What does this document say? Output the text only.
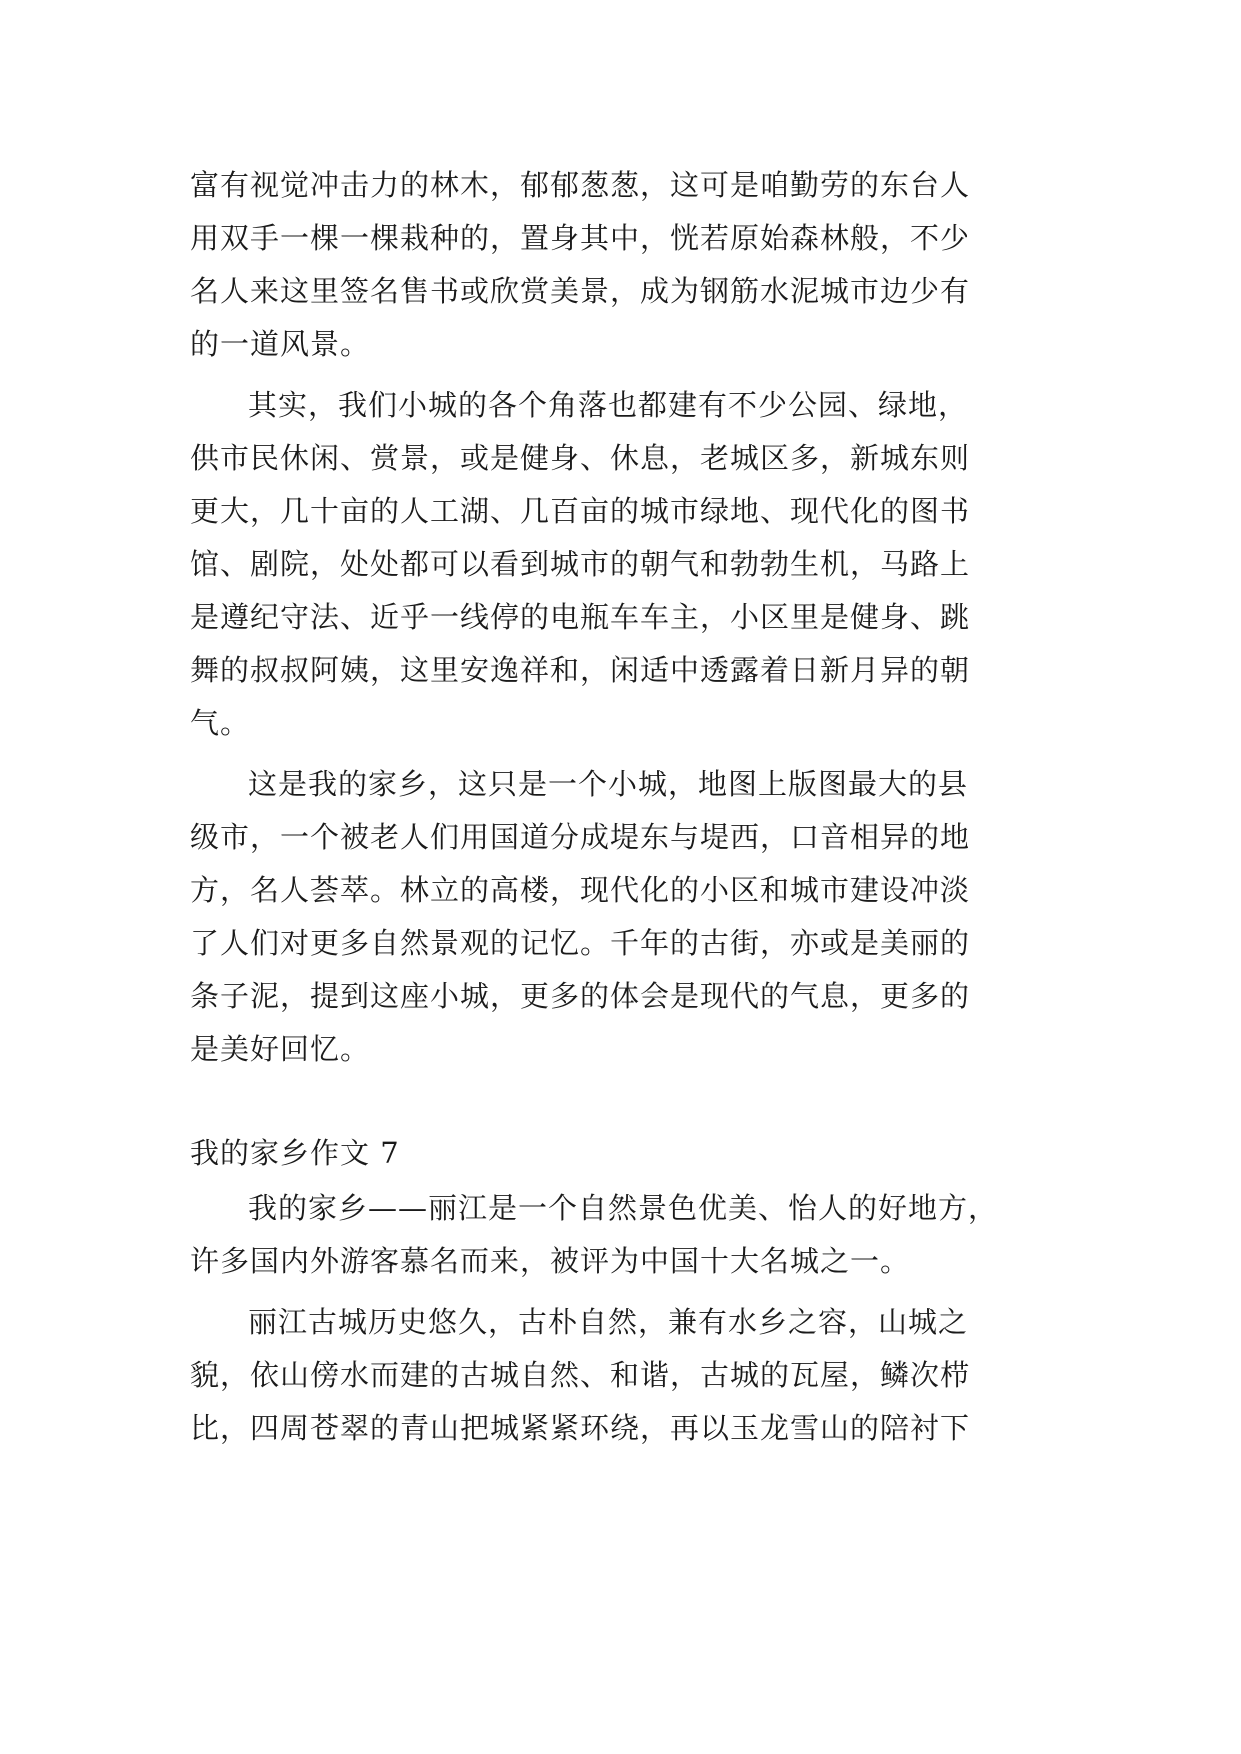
富有视觉冲击力的林木，郁郁葱葱，这可是咱勤劳的东台人

用双手一棵一棵栽种的，置身其中，恍若原始森林般，不少

名人来这里签名售书或欣赏美景，成为钢筋水泥城市边少有

的一道风景。

其实，我们小城的各个角落也都建有不少公园、绿地，

供市民休闲、赏景，或是健身、休息，老城区多，新城东则

更大，几十亩的人工湖、几百亩的城市绿地、现代化的图书

馆、剧院，处处都可以看到城市的朝气和勃勃生机，马路上

是遵纪守法、近乎一线停的电瓶车车主，小区里是健身、跳

舞的叔叔阿姨，这里安逸祥和，闲适中透露着日新月异的朝

气。

这是我的家乡，这只是一个小城，地图上版图最大的县

级市，一个被老人们用国道分成堤东与堤西，口音相异的地

方，名人荟萃。林立的高楼，现代化的小区和城市建设冲淡

了人们对更多自然景观的记忆。千年的古街，亦或是美丽的

条子泥，提到这座小城，更多的体会是现代的气息，更多的

是美好回忆。

我的家乡作文 7

我的家乡——丽江是一个自然景色优美、怡人的好地方，

许多国内外游客慕名而来，被评为中国十大名城之一。

丽江古城历史悠久，古朴自然，兼有水乡之容，山城之

貌，依山傍水而建的古城自然、和谐，古城的瓦屋，鳞次栉

比，四周苍翠的青山把城紧紧环绕，再以玉龙雪山的陪衬下
